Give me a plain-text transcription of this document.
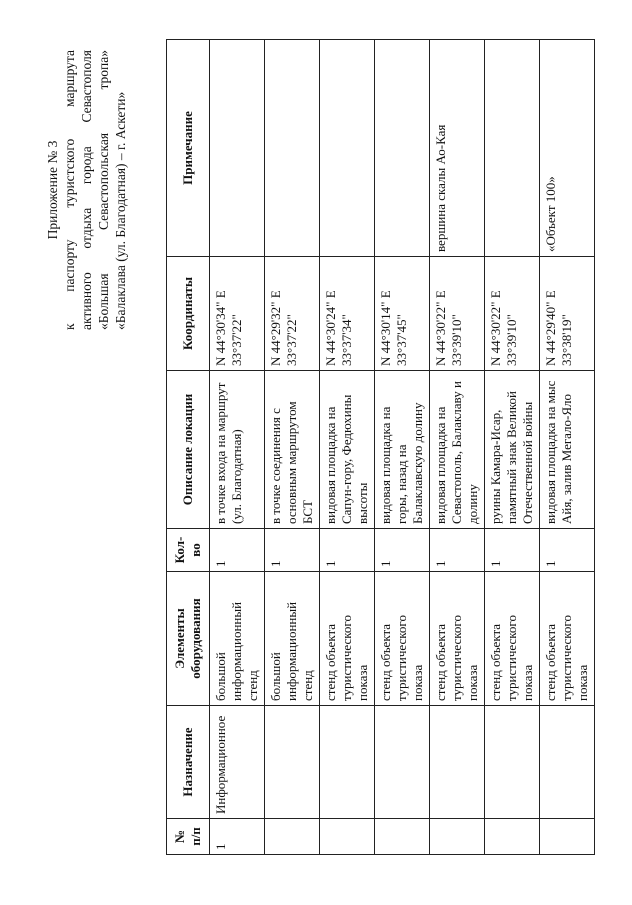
Приложение № 3 к паспорту туристского маршрута активного отдыха города Севастополя «Большая Севастопольская тропа» «Балаклава (ул. Благодатная) – г. Аскети»
№ п/п	Назначение	Элементы оборудования	Кол-во	Описание локации	Координаты	Примечание
1	Информационное	большой информационный стенд	1	в точке входа на маршрут (ул. Благодатная)	N 44°30'34" E 33°37'22"	
		большой информационный стенд	1	в точке соединения с основным маршрутом БСТ	N 44°29'32" E 33°37'22"	
		стенд объекта туристического показа	1	видовая площадка на Сапун-гору, Федюхины высоты	N 44°30'24" E 33°37'34"	
		стенд объекта туристического показа	1	видовая площадка на горы, назад на Балаклавскую долину	N 44°30'14" E 33°37'45"	
		стенд объекта туристического показа	1	видовая площадка на Севастополь, Балаклаву и долину	N 44°30'22" E 33°39'10"	вершина скалы Ао-Кая
		стенд объекта туристического показа	1	руины Камара-Исар, памятный знак Великой Отечественной войны	N 44°30'22" E 33°39'10"	
		стенд объекта туристического показа	1	видовая площадка на мыс Айя, залив Мегало-Яло	N 44°29'40" E 33°38'19"	«Объект 100»
